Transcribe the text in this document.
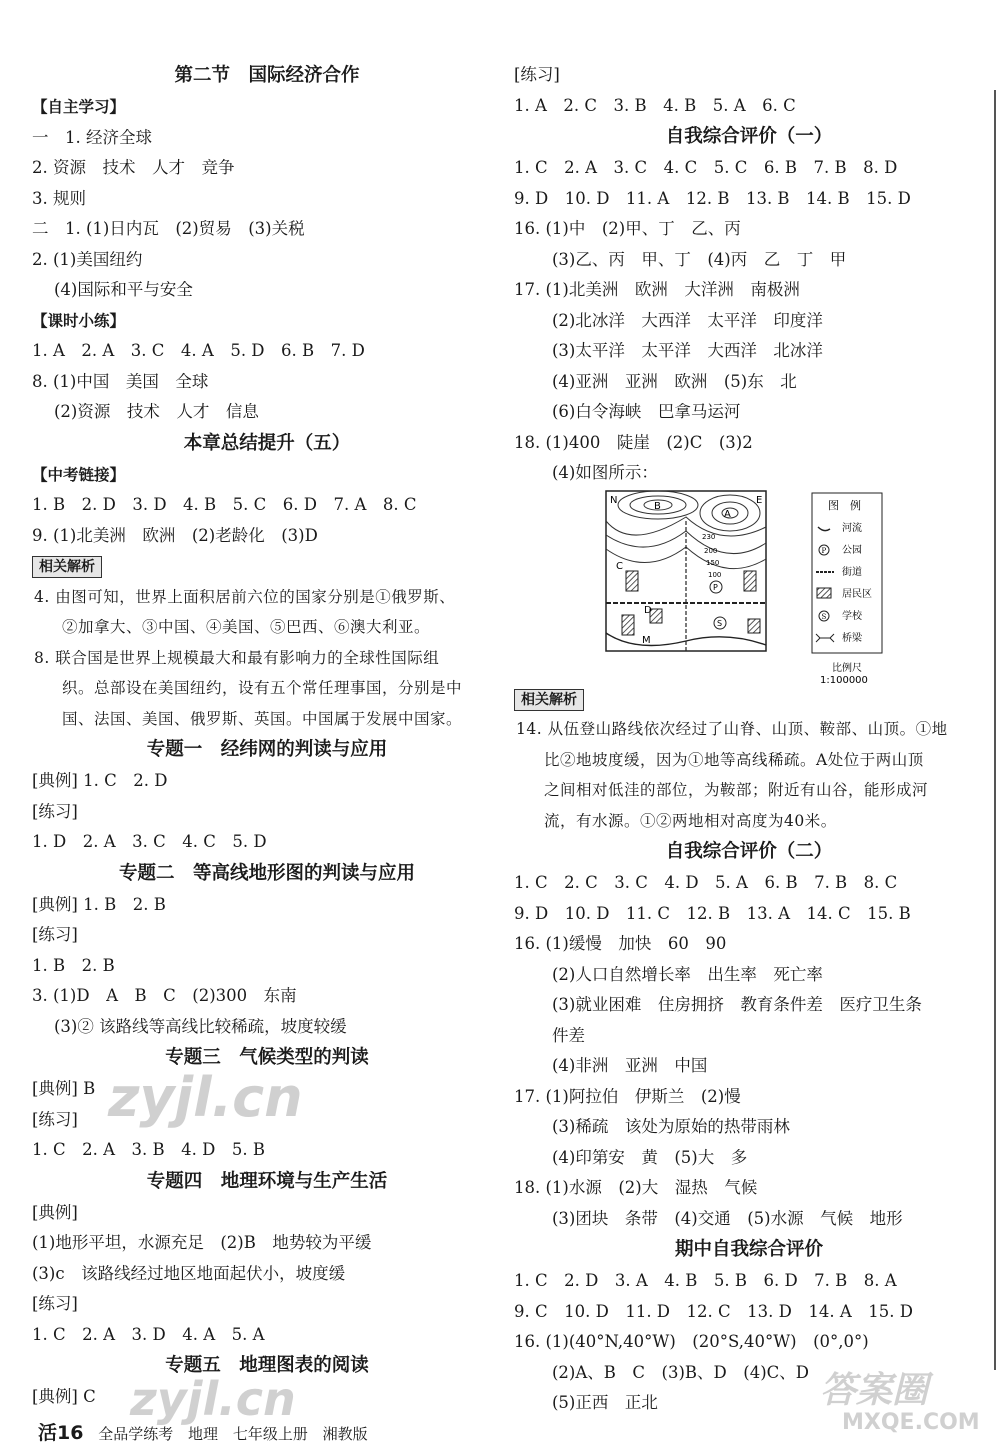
第二节　国际经济合作
【自主学习】
一　1. 经济全球
2. 资源　技术　人才　竞争
3. 规则
二　1. (1)日内瓦　(2)贸易　(3)关税
2. (1)美国纽约
(4)国际和平与安全
【课时小练】
1. A　2. A　3. C　4. A　5. D　6. B　7. D
8. (1)中国　美国　全球
(2)资源　技术　人才　信息
本章总结提升（五）
【中考链接】
1. B　2. D　3. D　4. B　5. C　6. D　7. A　8. C
9. (1)北美洲　欧洲　(2)老龄化　(3)D
相关解析
4. 由图可知，世界上面积居前六位的国家分别是①俄罗斯、
②加拿大、③中国、④美国、⑤巴西、⑥澳大利亚。
8. 联合国是世界上规模最大和最有影响力的全球性国际组
织。总部设在美国纽约，设有五个常任理事国，分别是中
国、法国、美国、俄罗斯、英国。中国属于发展中国家。
专题一　经纬网的判读与应用
[典例] 1. C　2. D
[练习]
1. D　2. A　3. C　4. C　5. D
专题二　等高线地形图的判读与应用
[典例] 1. B　2. B
[练习]
1. B　2. B
3. (1)D　A　B　C　(2)300　东南
(3)② 该路线等高线比较稀疏，坡度较缓
专题三　气候类型的判读
[典例] B
[练习]
1. C　2. A　3. B　4. D　5. B
专题四　地理环境与生产生活
[典例]
(1)地形平坦，水源充足　(2)B　地势较为平缓
(3)c　该路线经过地区地面起伏小，坡度缓
[练习]
1. C　2. A　3. D　4. A　5. A
专题五　地理图表的阅读
[典例] C
[练习]
1. A　2. C　3. B　4. B　5. A　6. C
自我综合评价（一）
1. C　2. A　3. C　4. C　5. C　6. B　7. B　8. D
9. D　10. D　11. A　12. B　13. B　14. B　15. D
16. (1)中　(2)甲、丁　乙、丙
(3)乙、丙　甲、丁　(4)丙　乙　丁　甲
17. (1)北美洲　欧洲　大洋洲　南极洲
(2)北冰洋　大西洋　太平洋　印度洋
(3)太平洋　太平洋　大西洋　北冰洋
(4)亚洲　亚洲　欧洲　(5)东　北
(6)白令海峡　巴拿马运河
18. (1)400　陡崖　(2)C　(3)2
(4)如图所示：
P
S
N	E
B
A
C
D
M
230
200
150
100
图　例
河流
P 公园
街道
居民区
S 学校
桥梁
比例尺
1:100000
相关解析
14. 从伍登山路线依次经过了山脊、山顶、鞍部、山顶。①地
比②地坡度缓，因为①地等高线稀疏。A处位于两山顶
之间相对低洼的部位，为鞍部；附近有山谷，能形成河
流，有水源。①②两地相对高度为40米。
自我综合评价（二）
1. C　2. C　3. C　4. D　5. A　6. B　7. B　8. C
9. D　10. D　11. C　12. B　13. A　14. C　15. B
16. (1)缓慢　加快　60　90
(2)人口自然增长率　出生率　死亡率
(3)就业困难　住房拥挤　教育条件差　医疗卫生条
件差
(4)非洲　亚洲　中国
17. (1)阿拉伯　伊斯兰　(2)慢
(3)稀疏　该处为原始的热带雨林
(4)印第安　黄　(5)大　多
18. (1)水源　(2)大　湿热　气候
(3)团块　条带　(4)交通　(5)水源　气候　地形
期中自我综合评价
1. C　2. D　3. A　4. B　5. B　6. D　7. B　8. A
9. C　10. D　11. D　12. C　13. D　14. A　15. D
16. (1)(40°N,40°W)　(20°S,40°W)　(0°,0°)
(2)A、B　C　(3)B、D　(4)C、D
(5)正西　正北
活16 全品学练考 地理 七年级上册 湘教版
zyjl.cn
zyjl.cn	答案圈
MXQE.COM
